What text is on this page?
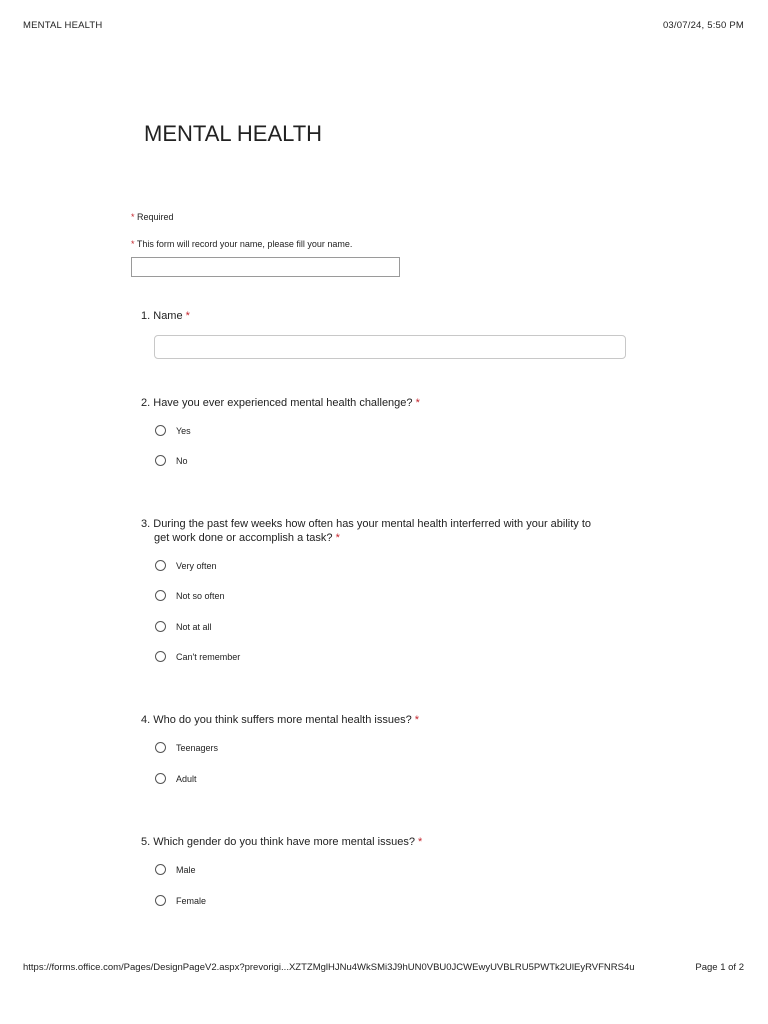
MENTAL HEALTH	03/07/24, 5:50 PM
MENTAL HEALTH
* Required
* This form will record your name, please fill your name.
1. Name *
2. Have you ever experienced mental health challenge? *
Yes
No
3. During the past few weeks how often has your mental health interferred with your ability to
get work done or accomplish a task? *
Very often
Not so often
Not at all
Can't remember
4. Who do you think suffers more mental health issues? *
Teenagers
Adult
5. Which gender do you think have more mental issues? *
Male
Female
https://forms.office.com/Pages/DesignPageV2.aspx?prevorigi...XZTZMglHJNu4WkSMi3J9hUN0VBU0JCWEwyUVBLRU5PWTk2UlEyRVFNRS4u	Page 1 of 2
